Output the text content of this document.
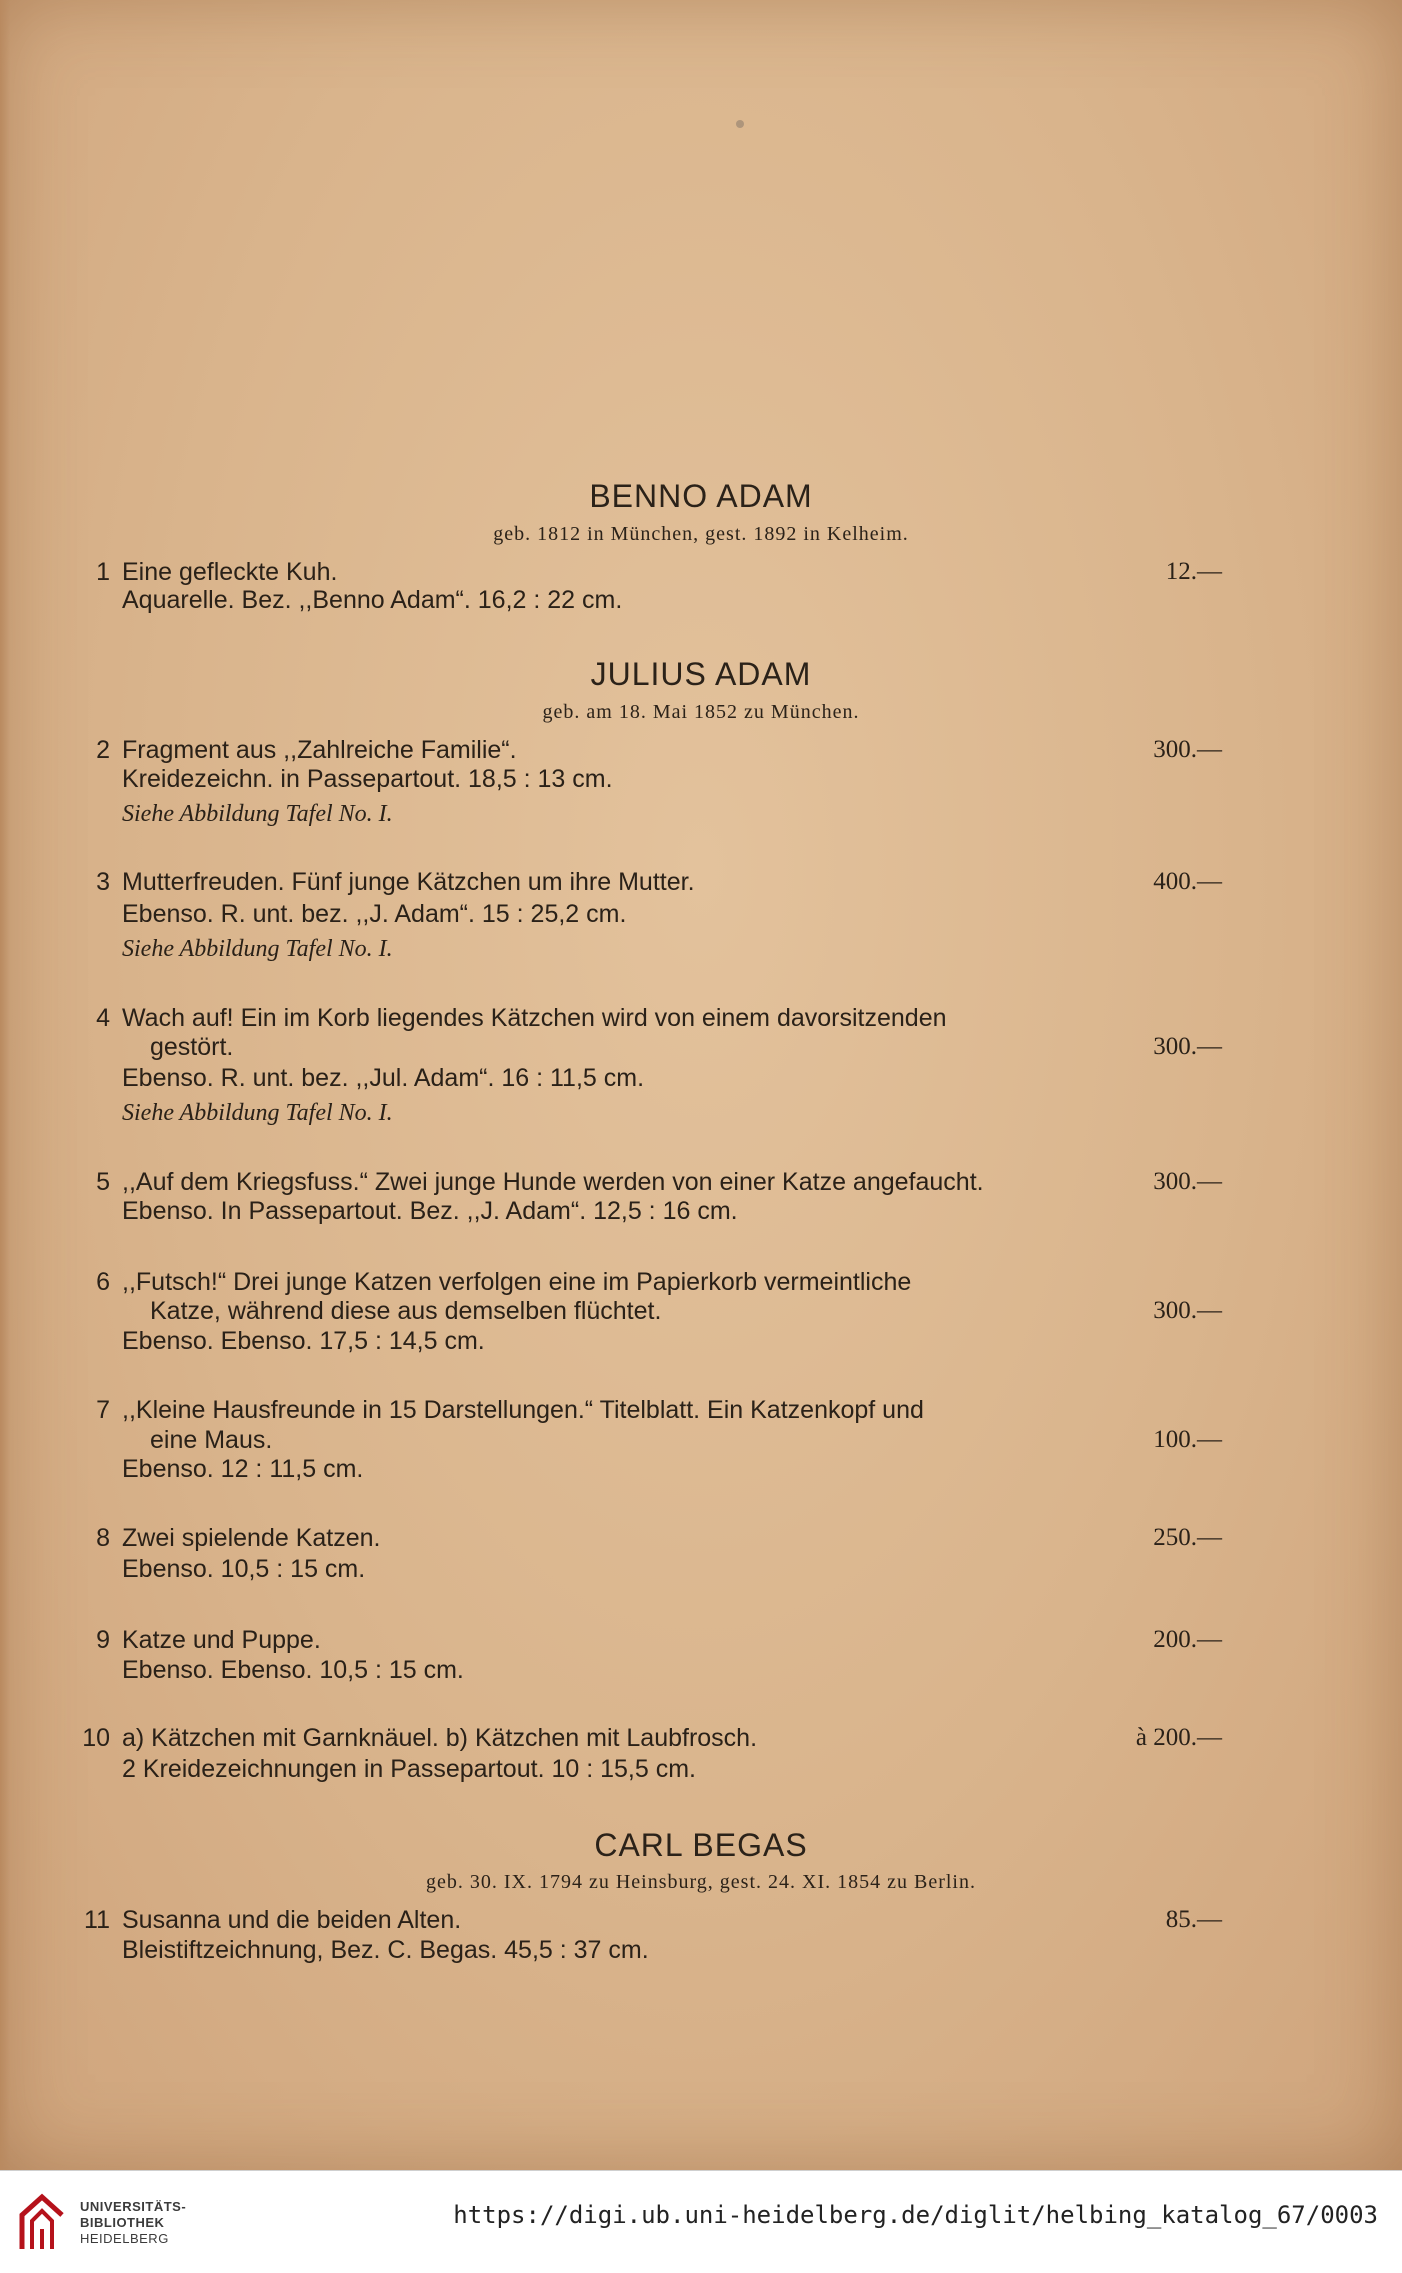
BENNO ADAM
geb. 1812 in München, gest. 1892 in Kelheim.
1 Eine gefleckte Kuh.	12.—
Aquarelle. Bez. ,,Benno Adam“. 16,2 : 22 cm.
JULIUS ADAM
geb. am 18. Mai 1852 zu München.
2 Fragment aus ,,Zahlreiche Familie“.	300.—
Kreidezeichn. in Passepartout. 18,5 : 13 cm.
Siehe Abbildung Tafel No. I.
3 Mutterfreuden. Fünf junge Kätzchen um ihre Mutter.	400.—
Ebenso. R. unt. bez. ,,J. Adam“. 15 : 25,2 cm.
Siehe Abbildung Tafel No. I.
4 Wach auf! Ein im Korb liegendes Kätzchen wird von einem davorsitzenden
gestört.	300.—
Ebenso. R. unt. bez. ,,Jul. Adam“. 16 : 11,5 cm.
Siehe Abbildung Tafel No. I.
5 ,,Auf dem Kriegsfuss.“ Zwei junge Hunde werden von einer Katze angefaucht.	300.—
Ebenso. In Passepartout. Bez. ,,J. Adam“. 12,5 : 16 cm.
6 ,,Futsch!“ Drei junge Katzen verfolgen eine im Papierkorb vermeintliche
Katze, während diese aus demselben flüchtet.	300.—
Ebenso. Ebenso. 17,5 : 14,5 cm.
7 ,,Kleine Hausfreunde in 15 Darstellungen.“ Titelblatt. Ein Katzenkopf und
eine Maus.	100.—
Ebenso. 12 : 11,5 cm.
8 Zwei spielende Katzen.	250.—
Ebenso. 10,5 : 15 cm.
9 Katze und Puppe.	200.—
Ebenso. Ebenso. 10,5 : 15 cm.
10 a) Kätzchen mit Garnknäuel. b) Kätzchen mit Laubfrosch.	à 200.—
2 Kreidezeichnungen in Passepartout. 10 : 15,5 cm.
CARL BEGAS
geb. 30. IX. 1794 zu Heinsburg, gest. 24. XI. 1854 zu Berlin.
11 Susanna und die beiden Alten.	85.—
Bleistiftzeichnung, Bez. C. Begas. 45,5 : 37 cm.
UNIVERSITÄTS-
BIBLIOTHEK
HEIDELBERG
https://digi.ub.uni-heidelberg.de/diglit/helbing_katalog_67/0003
